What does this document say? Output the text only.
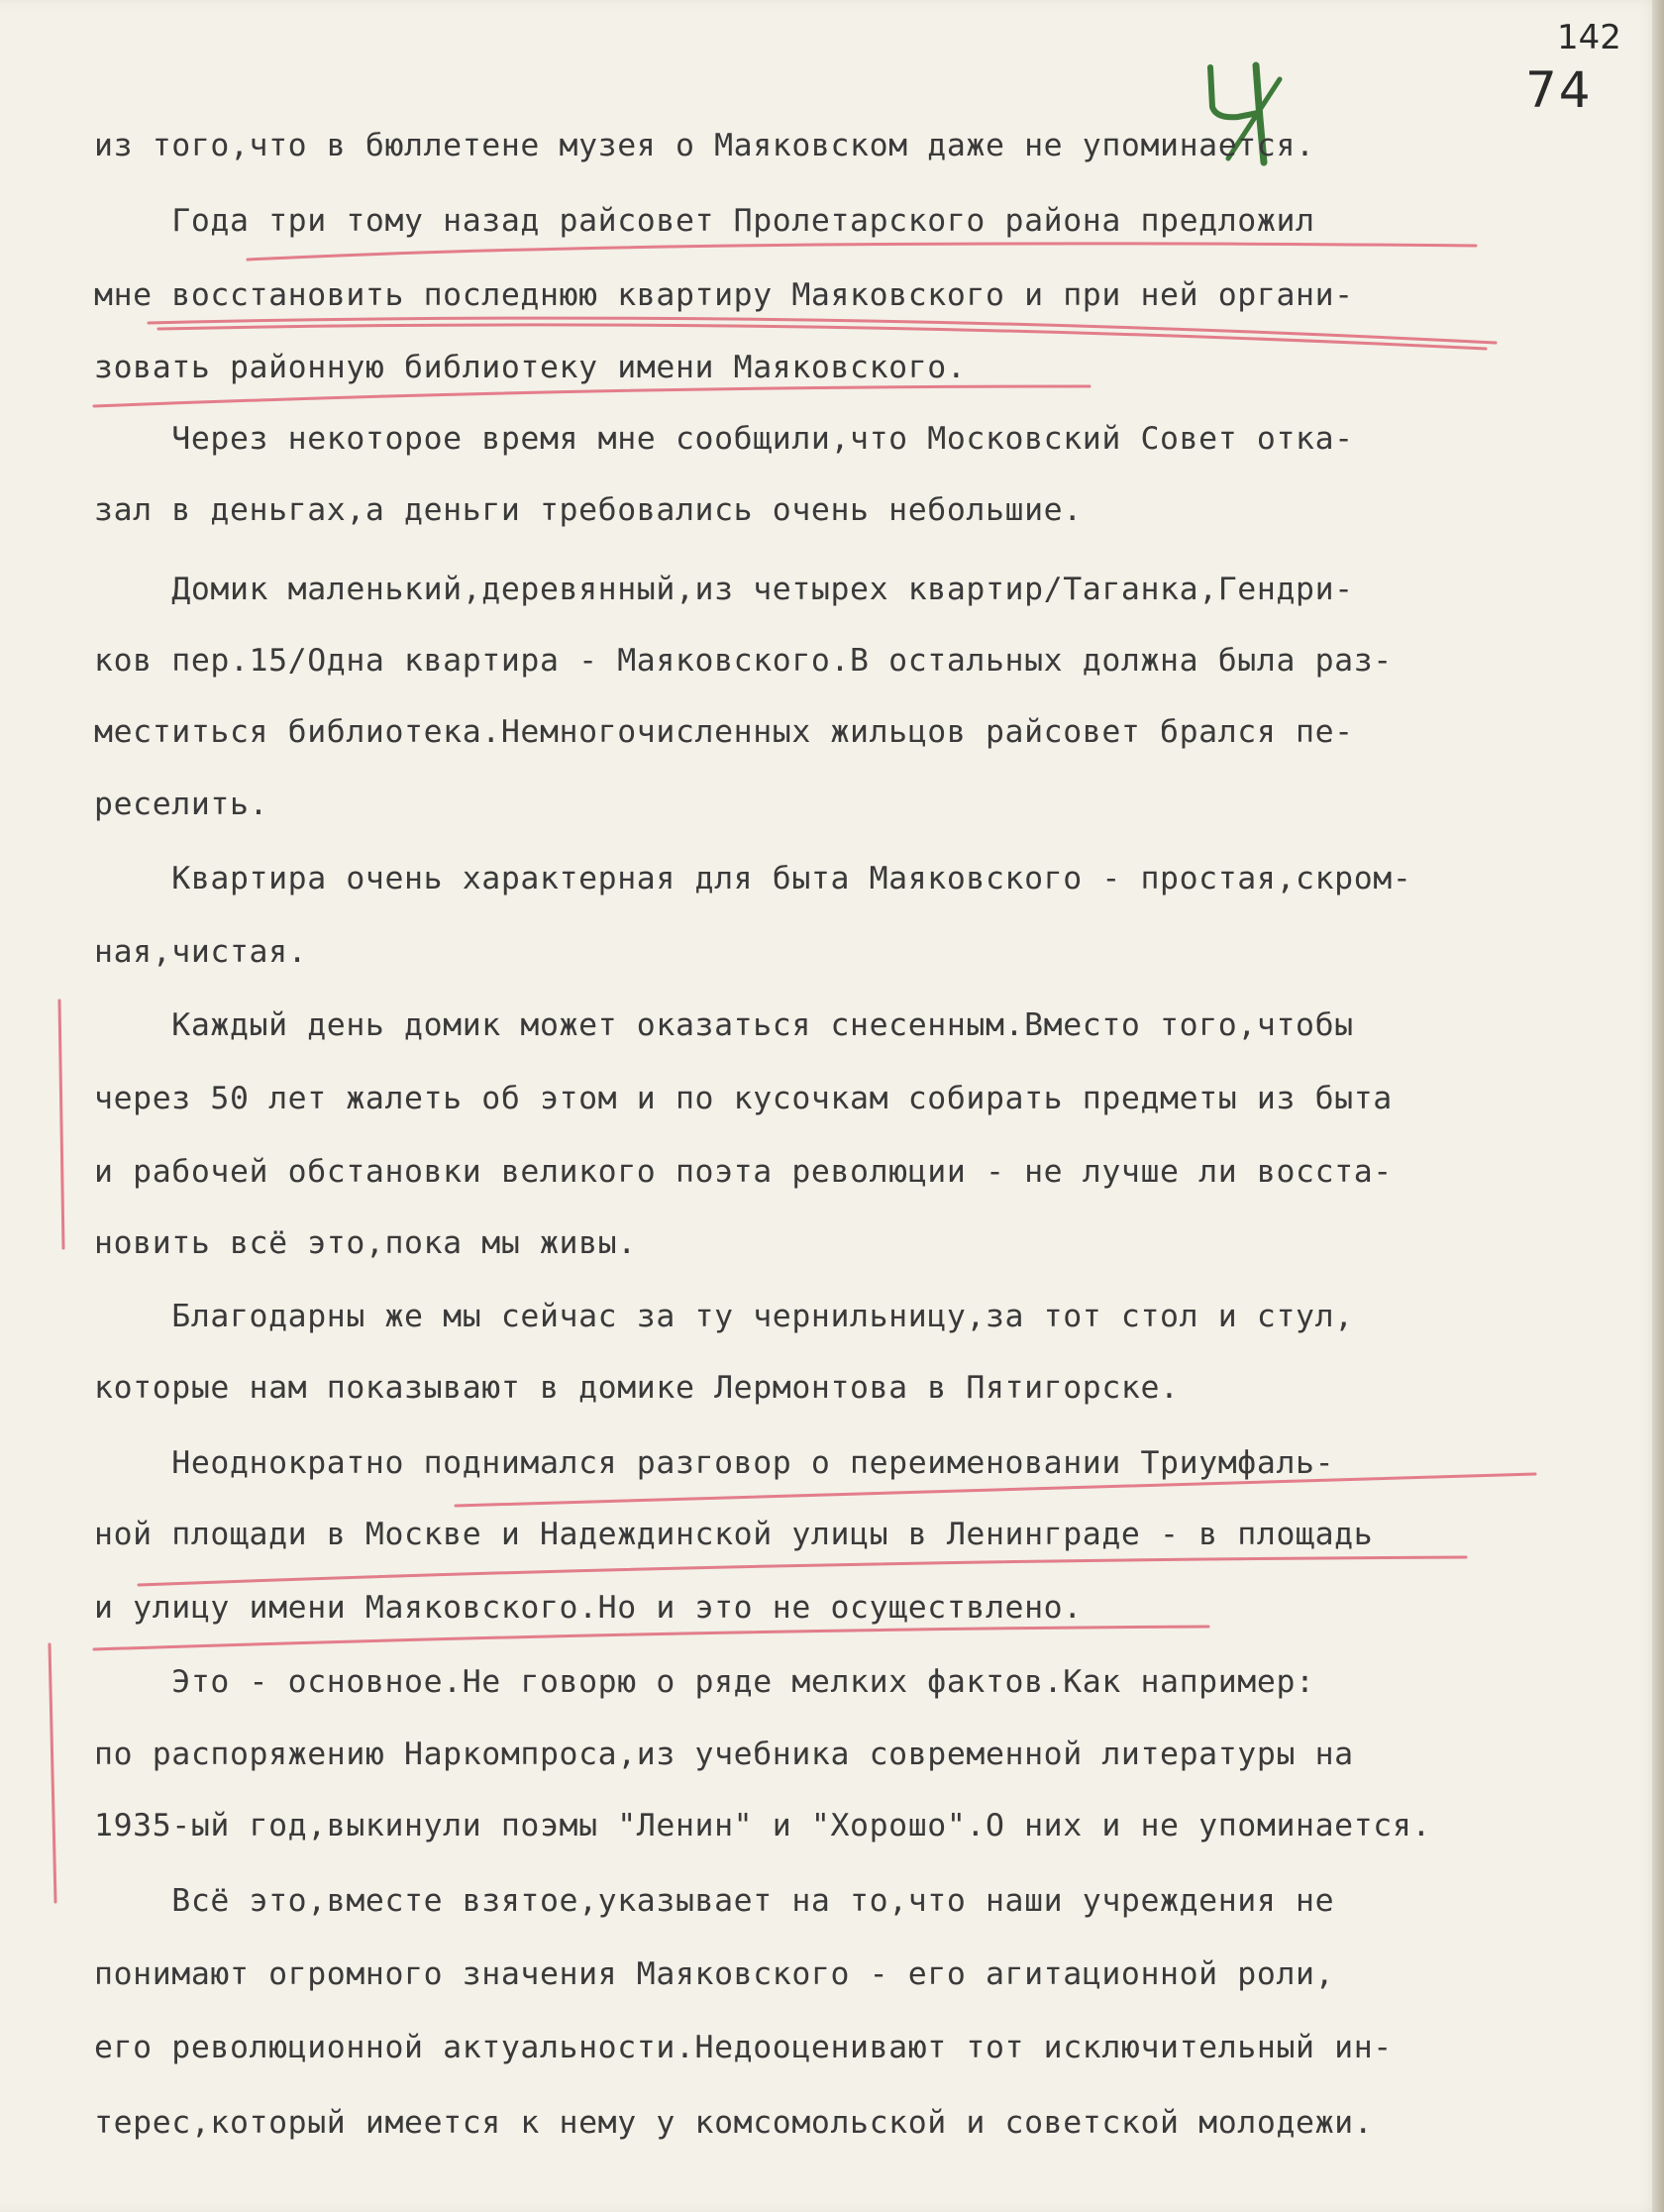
142
74
из того,что в бюллетене музея о Маяковском даже не упоминается.
Года три тому назад райсовет Пролетарского района предложил
мне восстановить последнюю квартиру Маяковского и при ней органи-
зовать районную библиотеку имени Маяковского.
Через некоторое время мне сообщили,что Московский Совет отка-
зал в деньгах,а деньги требовались очень небольшие.
Домик маленький,деревянный,из четырех квартир/Таганка,Гендри-
ков пер.15/Одна квартира - Маяковского.В остальных должна была раз-
меститься библиотека.Немногочисленных жильцов райсовет брался пе-
реселить.
Квартира очень характерная для быта Маяковского - простая,скром-
ная,чистая.
Каждый день домик может оказаться снесенным.Вместо того,чтобы
через 50 лет жалеть об этом и по кусочкам собирать предметы из быта
и рабочей обстановки великого поэта революции - не лучше ли восста-
новить всё это,пока мы живы.
Благодарны же мы сейчас за ту чернильницу,за тот стол и стул,
которые нам показывают в домике Лермонтова в Пятигорске.
Неоднократно поднимался разговор о переименовании Триумфаль-
ной площади в Москве и Надеждинской улицы в Ленинграде - в площадь
и улицу имени Маяковского.Но и это не осуществлено.
Это - основное.Не говорю о ряде мелких фактов.Как например:
по распоряжению Наркомпроса,из учебника современной литературы на
1935-ый год,выкинули поэмы "Ленин" и "Хорошо".О них и не упоминается.
Всё это,вместе взятое,указывает на то,что наши учреждения не
понимают огромного значения Маяковского - его агитационной роли,
его революционной актуальности.Недооценивают тот исключительный ин-
терес,который имеется к нему у комсомольской и советской молодежи.
